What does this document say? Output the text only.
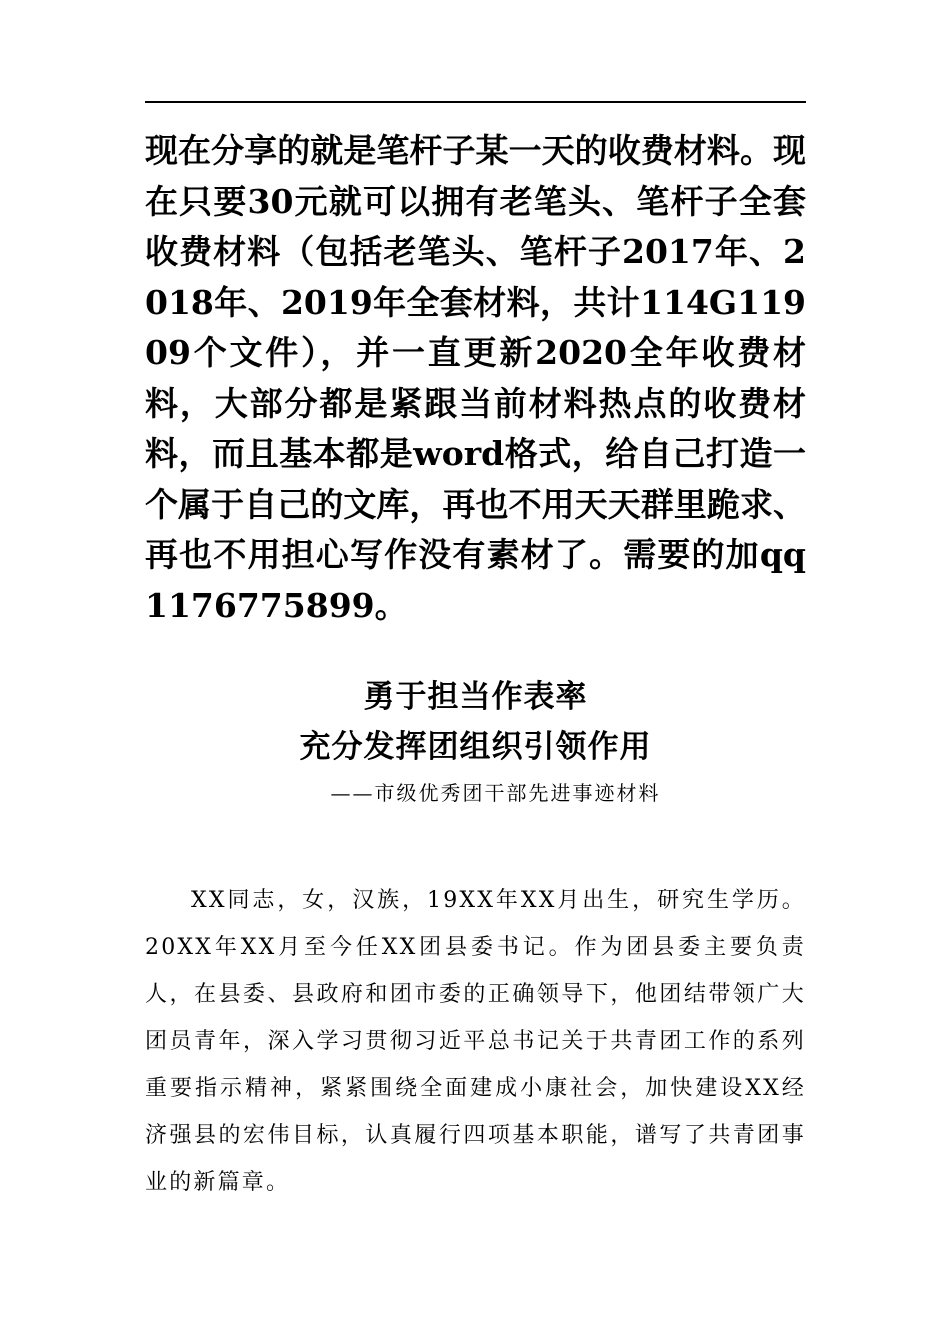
现在分享的就是笔杆子某一天的收费材料。现在只要30元就可以拥有老笔头、笔杆子全套收费材料（包括老笔头、笔杆子2017年、2018年、2019年全套材料，共计114G11909个文件），并一直更新2020全年收费材料，大部分都是紧跟当前材料热点的收费材料，而且基本都是word格式，给自己打造一个属于自己的文库，再也不用天天群里跪求、再也不用担心写作没有素材了。需要的加qq1176775899。

勇于担当作表率

充分发挥团组织引领作用

——市级优秀团干部先进事迹材料

XX同志，女，汉族，19XX年XX月出生，研究生学历。20XX年XX月至今任XX团县委书记。作为团县委主要负责人，在县委、县政府和团市委的正确领导下，他团结带领广大团员青年，深入学习贯彻习近平总书记关于共青团工作的系列重要指示精神，紧紧围绕全面建成小康社会，加快建设XX经济强县的宏伟目标，认真履行四项基本职能，谱写了共青团事业的新篇章。
